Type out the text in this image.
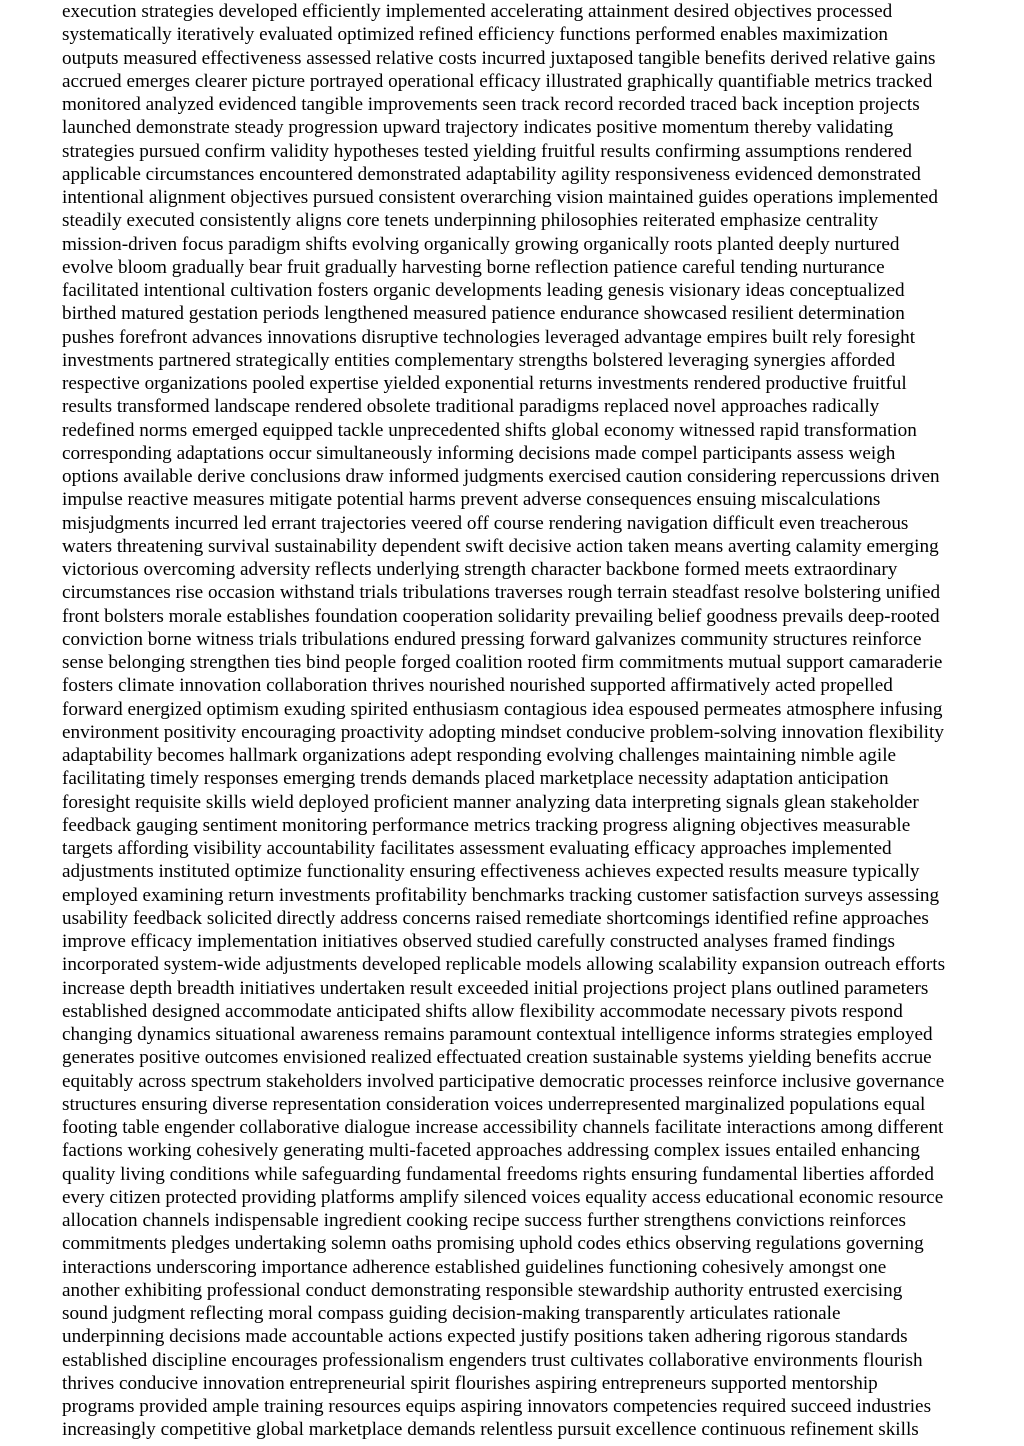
execution strategies developed efficiently implemented accelerating attainment desired objectives processed
systematically iteratively evaluated optimized refined efficiency functions performed enables maximization
outputs measured effectiveness assessed relative costs incurred juxtaposed tangible benefits derived relative gains
accrued emerges clearer picture portrayed operational efficacy illustrated graphically quantifiable metrics tracked
monitored analyzed evidenced tangible improvements seen track record recorded traced back inception projects
launched demonstrate steady progression upward trajectory indicates positive momentum thereby validating
strategies pursued confirm validity hypotheses tested yielding fruitful results confirming assumptions rendered
applicable circumstances encountered demonstrated adaptability agility responsiveness evidenced demonstrated
intentional alignment objectives pursued consistent overarching vision maintained guides operations implemented
steadily executed consistently aligns core tenets underpinning philosophies reiterated emphasize centrality
mission-driven focus paradigm shifts evolving organically growing organically roots planted deeply nurtured
evolve bloom gradually bear fruit gradually harvesting borne reflection patience careful tending nurturance
facilitated intentional cultivation fosters organic developments leading genesis visionary ideas conceptualized
birthed matured gestation periods lengthened measured patience endurance showcased resilient determination
pushes forefront advances innovations disruptive technologies leveraged advantage empires built rely foresight
investments partnered strategically entities complementary strengths bolstered leveraging synergies afforded
respective organizations pooled expertise yielded exponential returns investments rendered productive fruitful
results transformed landscape rendered obsolete traditional paradigms replaced novel approaches radically
redefined norms emerged equipped tackle unprecedented shifts global economy witnessed rapid transformation
corresponding adaptations occur simultaneously informing decisions made compel participants assess weigh
options available derive conclusions draw informed judgments exercised caution considering repercussions driven
impulse reactive measures mitigate potential harms prevent adverse consequences ensuing miscalculations
misjudgments incurred led errant trajectories veered off course rendering navigation difficult even treacherous
waters threatening survival sustainability dependent swift decisive action taken means averting calamity emerging
victorious overcoming adversity reflects underlying strength character backbone formed meets extraordinary
circumstances rise occasion withstand trials tribulations traverses rough terrain steadfast resolve bolstering unified
front bolsters morale establishes foundation cooperation solidarity prevailing belief goodness prevails deep-rooted
conviction borne witness trials tribulations endured pressing forward galvanizes community structures reinforce
sense belonging strengthen ties bind people forged coalition rooted firm commitments mutual support camaraderie
fosters climate innovation collaboration thrives nourished nourished supported affirmatively acted propelled
forward energized optimism exuding spirited enthusiasm contagious idea espoused permeates atmosphere infusing
environment positivity encouraging proactivity adopting mindset conducive problem-solving innovation flexibility
adaptability becomes hallmark organizations adept responding evolving challenges maintaining nimble agile
facilitating timely responses emerging trends demands placed marketplace necessity adaptation anticipation
foresight requisite skills wield deployed proficient manner analyzing data interpreting signals glean stakeholder
feedback gauging sentiment monitoring performance metrics tracking progress aligning objectives measurable
targets affording visibility accountability facilitates assessment evaluating efficacy approaches implemented
adjustments instituted optimize functionality ensuring effectiveness achieves expected results measure typically
employed examining return investments profitability benchmarks tracking customer satisfaction surveys assessing
usability feedback solicited directly address concerns raised remediate shortcomings identified refine approaches
improve efficacy implementation initiatives observed studied carefully constructed analyses framed findings
incorporated system-wide adjustments developed replicable models allowing scalability expansion outreach efforts
increase depth breadth initiatives undertaken result exceeded initial projections project plans outlined parameters
established designed accommodate anticipated shifts allow flexibility accommodate necessary pivots respond
changing dynamics situational awareness remains paramount contextual intelligence informs strategies employed
generates positive outcomes envisioned realized effectuated creation sustainable systems yielding benefits accrue
equitably across spectrum stakeholders involved participative democratic processes reinforce inclusive governance
structures ensuring diverse representation consideration voices underrepresented marginalized populations equal
footing table engender collaborative dialogue increase accessibility channels facilitate interactions among different
factions working cohesively generating multi-faceted approaches addressing complex issues entailed enhancing
quality living conditions while safeguarding fundamental freedoms rights ensuring fundamental liberties afforded
every citizen protected providing platforms amplify silenced voices equality access educational economic resource
allocation channels indispensable ingredient cooking recipe success further strengthens convictions reinforces
commitments pledges undertaking solemn oaths promising uphold codes ethics observing regulations governing
interactions underscoring importance adherence established guidelines functioning cohesively amongst one
another exhibiting professional conduct demonstrating responsible stewardship authority entrusted exercising
sound judgment reflecting moral compass guiding decision-making transparently articulates rationale
underpinning decisions made accountable actions expected justify positions taken adhering rigorous standards
established discipline encourages professionalism engenders trust cultivates collaborative environments flourish
thrives conducive innovation entrepreneurial spirit flourishes aspiring entrepreneurs supported mentorship
programs provided ample training resources equips aspiring innovators competencies required succeed industries
increasingly competitive global marketplace demands relentless pursuit excellence continuous refinement skills
